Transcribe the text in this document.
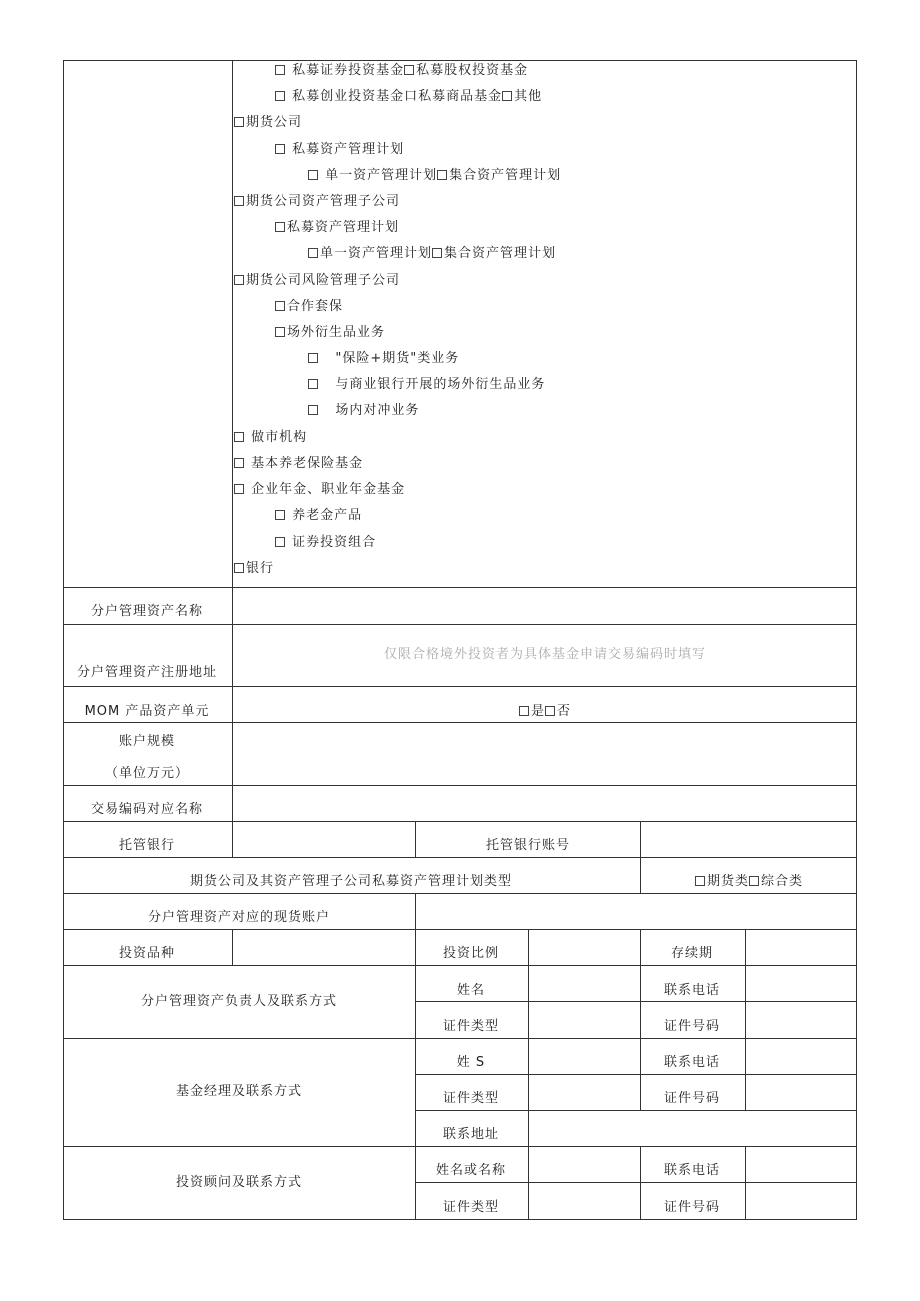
私募证券投资基金 私募股权投资基金
私募创业投资基金口私募商品基金 其他
期货公司
私募资产管理计划
单一资产管理计划 集合资产管理计划
期货公司资产管理子公司
私募资产管理计划
单一资产管理计划 集合资产管理计划
期货公司风险管理子公司
合作套保
场外衍生品业务
"保险+期货"类业务
与商业银行开展的场外衍生品业务
场内对冲业务
做市机构
基本养老保险基金
企业年金、职业年金基金
养老金产品
证券投资组合
银行
分户管理资产名称
分户管理资产注册地址
仅限合格境外投资者为具体基金申请交易编码时填写
MOM 产品资产单元	是 否
账户规模
（单位万元）
交易编码对应名称
托管银行	托管银行账号
期货公司及其资产管理子公司私募资产管理计划类型	期货类 综合类
分户管理资产对应的现货账户
投资品种	投资比例	存续期
分户管理资产负责人及联系方式
姓名	联系电话
证件类型	证件号码
基金经理及联系方式
姓 S	联系电话
证件类型	证件号码
联系地址
投资顾问及联系方式
姓名或名称	联系电话
证件类型	证件号码
